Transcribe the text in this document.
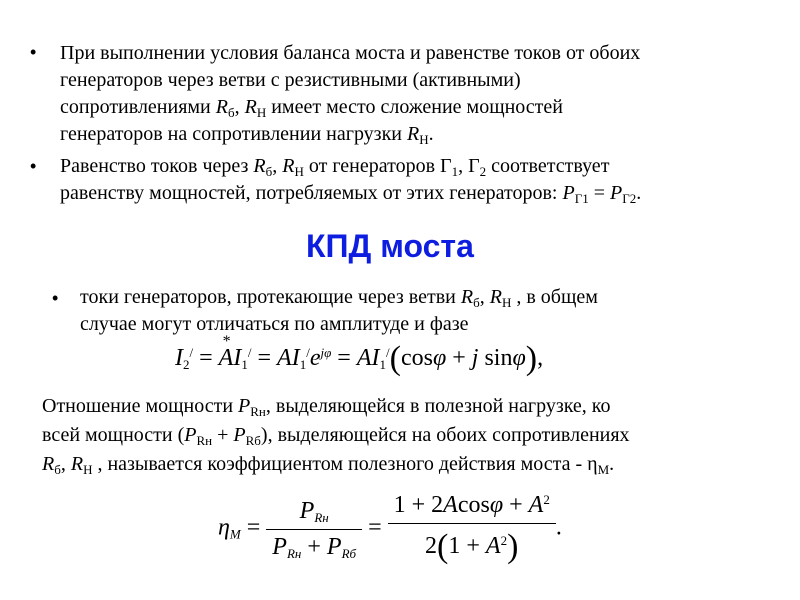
• При выполнении условия баланса моста и равенстве токов от обоих
генераторов через ветви с резистивными (активными)
сопротивлениями $R_б$, $R_Н$ имеет место сложение мощностей
генераторов на сопротивлении нагрузки $R_Н$.
• Равенство токов через $R_б$, $R_Н$ от генераторов $Г_1$, $Г_2$ соответствует
равенству мощностей, потребляемых от этих генераторов: $P_{Г1} = P_{Г2}$.
КПД моста
• токи генераторов, протекающие через ветви $R_б$, $R_Н$ , в общем
случае могут отличаться по амплитуде и фазе
$I_2^/$ =
*
$AI_1^/ = AI_1^/e^{j\varphi} = AI_1^/(\cos\varphi + j$ sinφ),
Отношение мощности $P_{Rн}$, выделяющейся в полезной нагрузке, ко
всей мощности $(P_{Rн} + P_{Rб})$, выделяющейся на обоих сопротивлениях
$R_б$, $R_Н$ , называется коэффициентом полезного действия моста - $\eta_М$.
$\eta_M = \frac{P_{Rн}}{P_{Rн} + P_{Rб}} = \frac{1 + 2Acos\varphi + A^2}{2(1 + A^2)}$ .
